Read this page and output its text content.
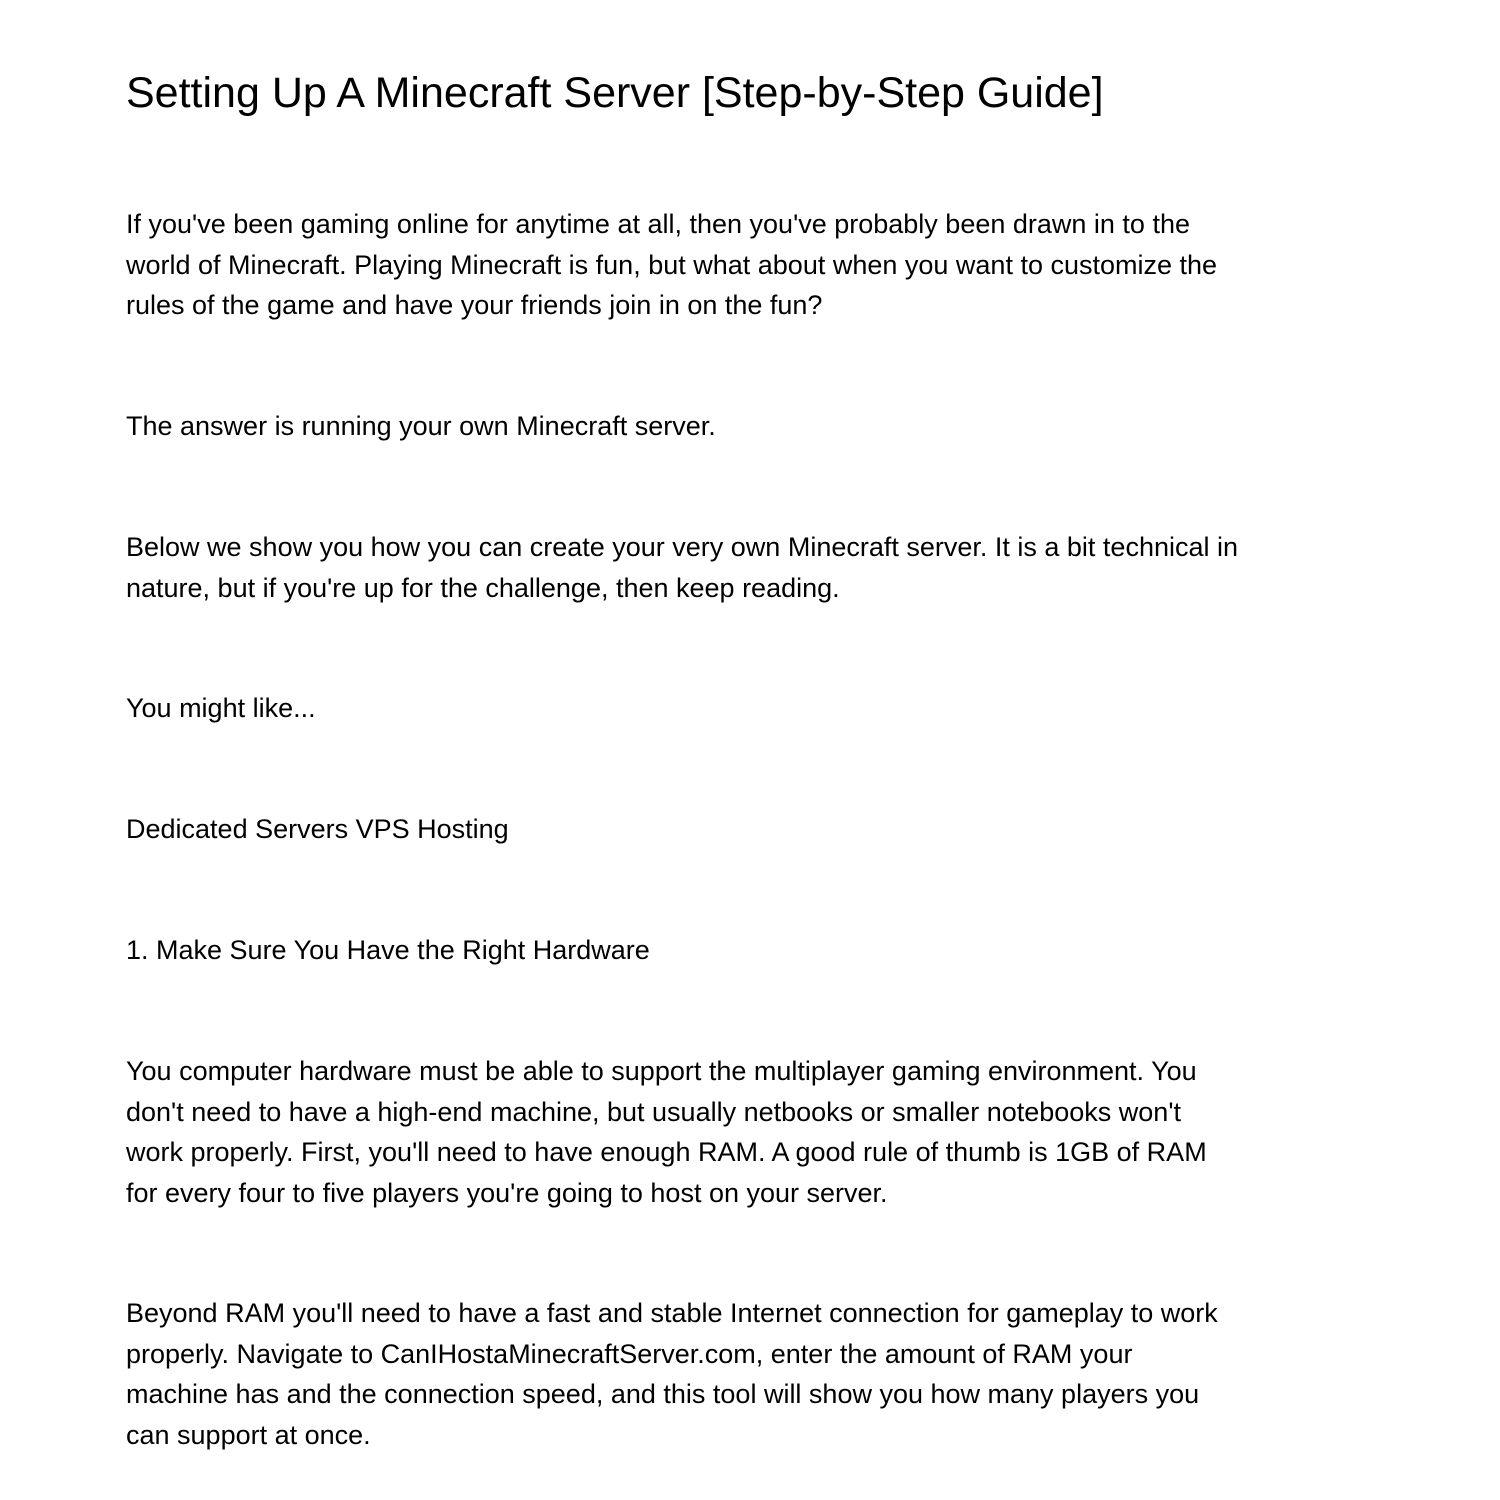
Setting Up A Minecraft Server [Step-by-Step Guide]
If you've been gaming online for anytime at all, then you've probably been drawn in to the
world of Minecraft. Playing Minecraft is fun, but what about when you want to customize the
rules of the game and have your friends join in on the fun?
The answer is running your own Minecraft server.
Below we show you how you can create your very own Minecraft server. It is a bit technical in
nature, but if you're up for the challenge, then keep reading.
You might like...
Dedicated Servers VPS Hosting
1. Make Sure You Have the Right Hardware
You computer hardware must be able to support the multiplayer gaming environment. You
don't need to have a high-end machine, but usually netbooks or smaller notebooks won't
work properly. First, you'll need to have enough RAM. A good rule of thumb is 1GB of RAM
for every four to five players you're going to host on your server.
Beyond RAM you'll need to have a fast and stable Internet connection for gameplay to work
properly. Navigate to CanIHostaMinecraftServer.com, enter the amount of RAM your
machine has and the connection speed, and this tool will show you how many players you
can support at once.
